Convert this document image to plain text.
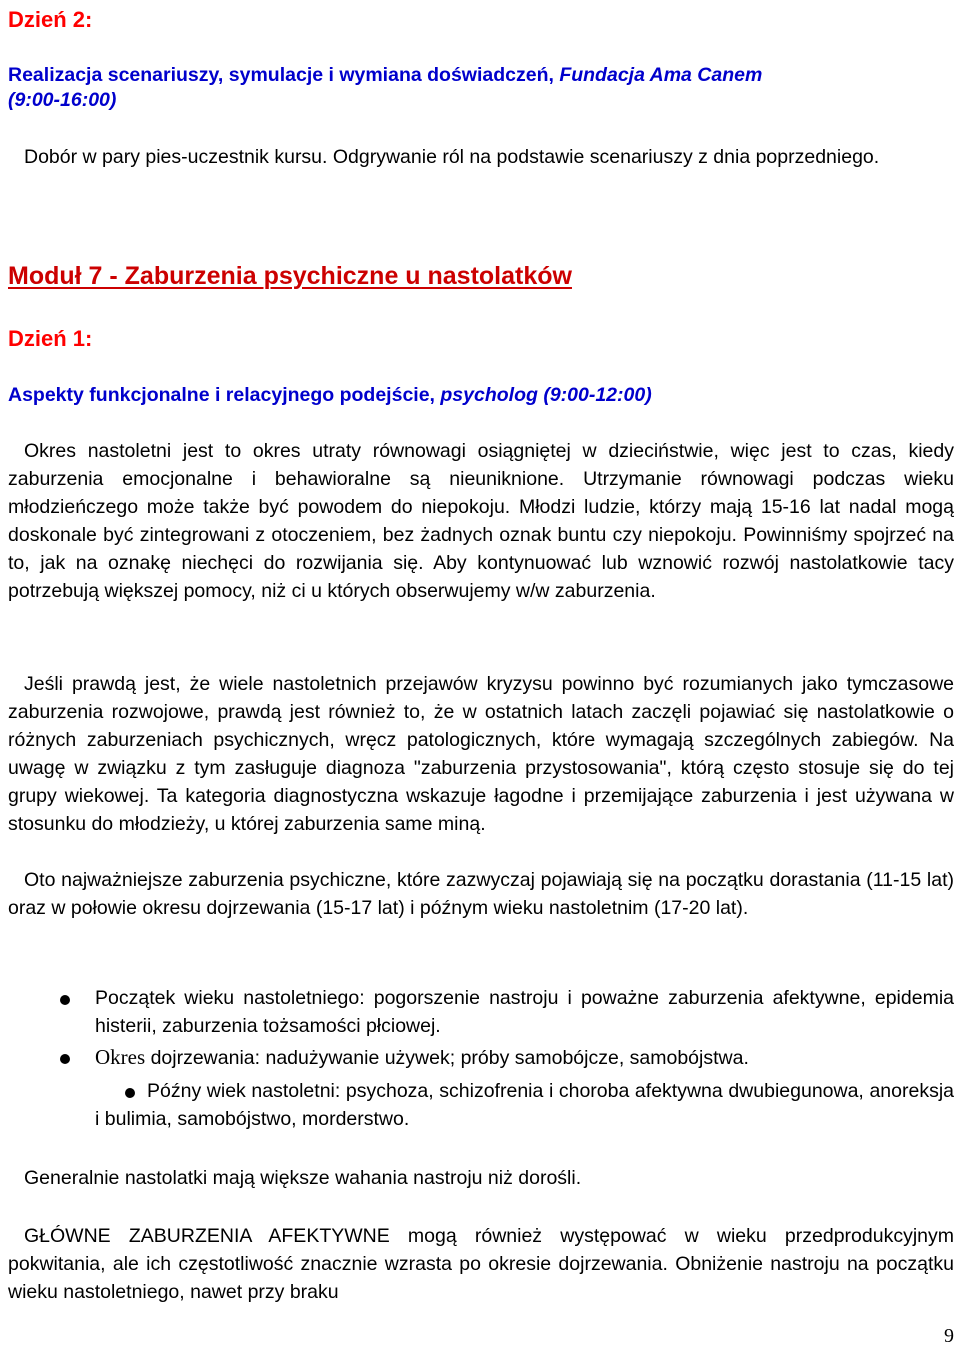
Dzień 2:
Realizacja scenariuszy, symulacje i wymiana doświadczeń, Fundacja Ama Canem
(9:00-16:00)

Dobór w pary pies-uczestnik kursu. Odgrywanie ról na podstawie scenariuszy z dnia poprzedniego.

Moduł 7 - Zaburzenia psychiczne u nastolatków
Dzień 1:
Aspekty funkcjonalne i relacyjnego podejście, psycholog (9:00-12:00)

Okres nastoletni jest to okres utraty równowagi osiągniętej w dzieciństwie, więc jest to czas, kiedy zaburzenia emocjonalne i behawioralne są nieuniknione. Utrzymanie równowagi podczas wieku młodzieńczego może także być powodem do niepokoju. Młodzi ludzie, którzy mają 15-16 lat nadal mogą doskonale być zintegrowani z otoczeniem, bez żadnych oznak buntu czy niepokoju. Powinniśmy spojrzeć na to, jak na oznakę niechęci do rozwijania się. Aby kontynuować lub wznowić rozwój nastolatkowie tacy potrzebują większej pomocy, niż ci u których obserwujemy w/w zaburzenia.

Jeśli prawdą jest, że wiele nastoletnich przejawów kryzysu powinno być rozumianych jako tymczasowe zaburzenia rozwojowe, prawdą jest również to, że w ostatnich latach zaczęli pojawiać się nastolatkowie o różnych zaburzeniach psychicznych, wręcz patologicznych, które wymagają szczególnych zabiegów. Na uwagę w związku z tym zasługuje diagnoza "zaburzenia przystosowania", którą często stosuje się do tej grupy wiekowej. Ta kategoria diagnostyczna wskazuje łagodne i przemijające zaburzenia i jest używana w stosunku do młodzieży, u której zaburzenia same miną.

Oto najważniejsze zaburzenia psychiczne, które zazwyczaj pojawiają się na początku dorastania (11-15 lat) oraz w połowie okresu dojrzewania (15-17 lat) i późnym wieku nastoletnim (17-20 lat).

Początek wieku nastoletniego: pogorszenie nastroju i poważne zaburzenia afektywne, epidemia histerii, zaburzenia tożsamości płciowej.
Okres dojrzewania: nadużywanie używek; próby samobójcze, samobójstwa.
Późny wiek nastoletni: psychoza, schizofrenia i choroba afektywna dwubiegunowa, anoreksja i bulimia, samobójstwo, morderstwo.

Generalnie nastolatki mają większe wahania nastroju niż dorośli.

GŁÓWNE ZABURZENIA AFEKTYWNE mogą również występować w wieku przedprodukcyjnym pokwitania, ale ich częstotliwość znacznie wzrasta po okresie dojrzewania. Obniżenie nastroju na początku wieku nastoletniego, nawet przy braku

9
